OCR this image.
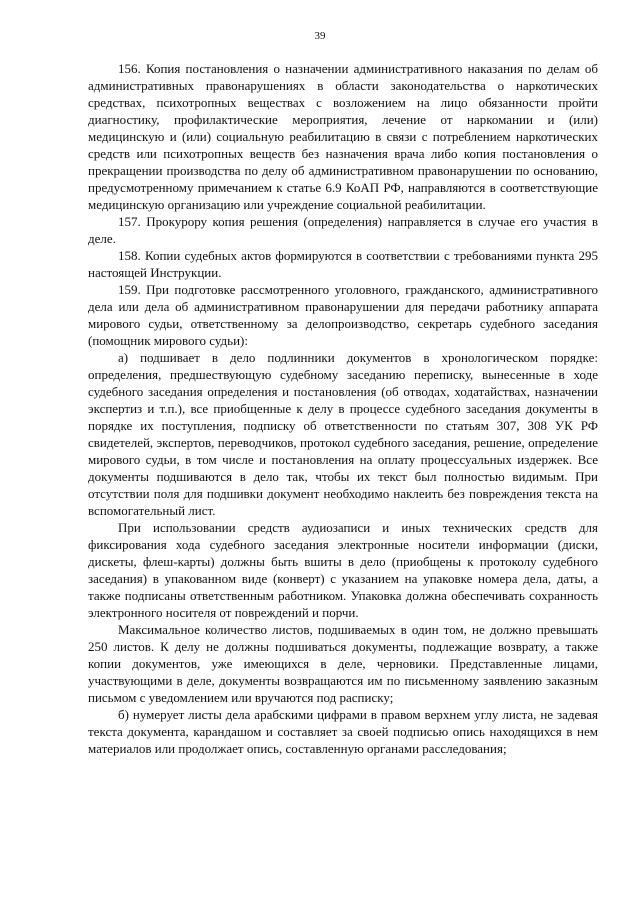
39

156. Копия постановления о назначении административного наказания по делам об административных правонарушениях в области законодательства о наркотических средствах, психотропных веществах с возложением на лицо обязанности пройти диагностику, профилактические мероприятия, лечение от наркомании и (или) медицинскую и (или) социальную реабилитацию в связи с потреблением наркотических средств или психотропных веществ без назначения врача либо копия постановления о прекращении производства по делу об административном правонарушении по основанию, предусмотренному примечанием к статье 6.9 КоАП РФ, направляются в соответствующие медицинскую организацию или учреждение социальной реабилитации.

157. Прокурору копия решения (определения) направляется в случае его участия в деле.

158. Копии судебных актов формируются в соответствии с требованиями пункта 295 настоящей Инструкции.

159. При подготовке рассмотренного уголовного, гражданского, административного дела или дела об административном правонарушении для передачи работнику аппарата мирового судьи, ответственному за делопроизводство, секретарь судебного заседания (помощник мирового судьи):

а) подшивает в дело подлинники документов в хронологическом порядке: определения, предшествующую судебному заседанию переписку, вынесенные в ходе судебного заседания определения и постановления (об отводах, ходатайствах, назначении экспертиз и т.п.), все приобщенные к делу в процессе судебного заседания документы в порядке их поступления, подписку об ответственности по статьям 307, 308 УК РФ свидетелей, экспертов, переводчиков, протокол судебного заседания, решение, определение мирового судьи, в том числе и постановления на оплату процессуальных издержек. Все документы подшиваются в дело так, чтобы их текст был полностью видимым. При отсутствии поля для подшивки документ необходимо наклеить без повреждения текста на вспомогательный лист.

При использовании средств аудиозаписи и иных технических средств для фиксирования хода судебного заседания электронные носители информации (диски, дискеты, флеш-карты) должны быть вшиты в дело (приобщены к протоколу судебного заседания) в упакованном виде (конверт) с указанием на упаковке номера дела, даты, а также подписаны ответственным работником. Упаковка должна обеспечивать сохранность электронного носителя от повреждений и порчи.

Максимальное количество листов, подшиваемых в один том, не должно превышать 250 листов. К делу не должны подшиваться документы, подлежащие возврату, а также копии документов, уже имеющихся в деле, черновики. Представленные лицами, участвующими в деле, документы возвращаются им по письменному заявлению заказным письмом с уведомлением или вручаются под расписку;

б) нумерует листы дела арабскими цифрами в правом верхнем углу листа, не задевая текста документа, карандашом и составляет за своей подписью опись находящихся в нем материалов или продолжает опись, составленную органами расследования;
